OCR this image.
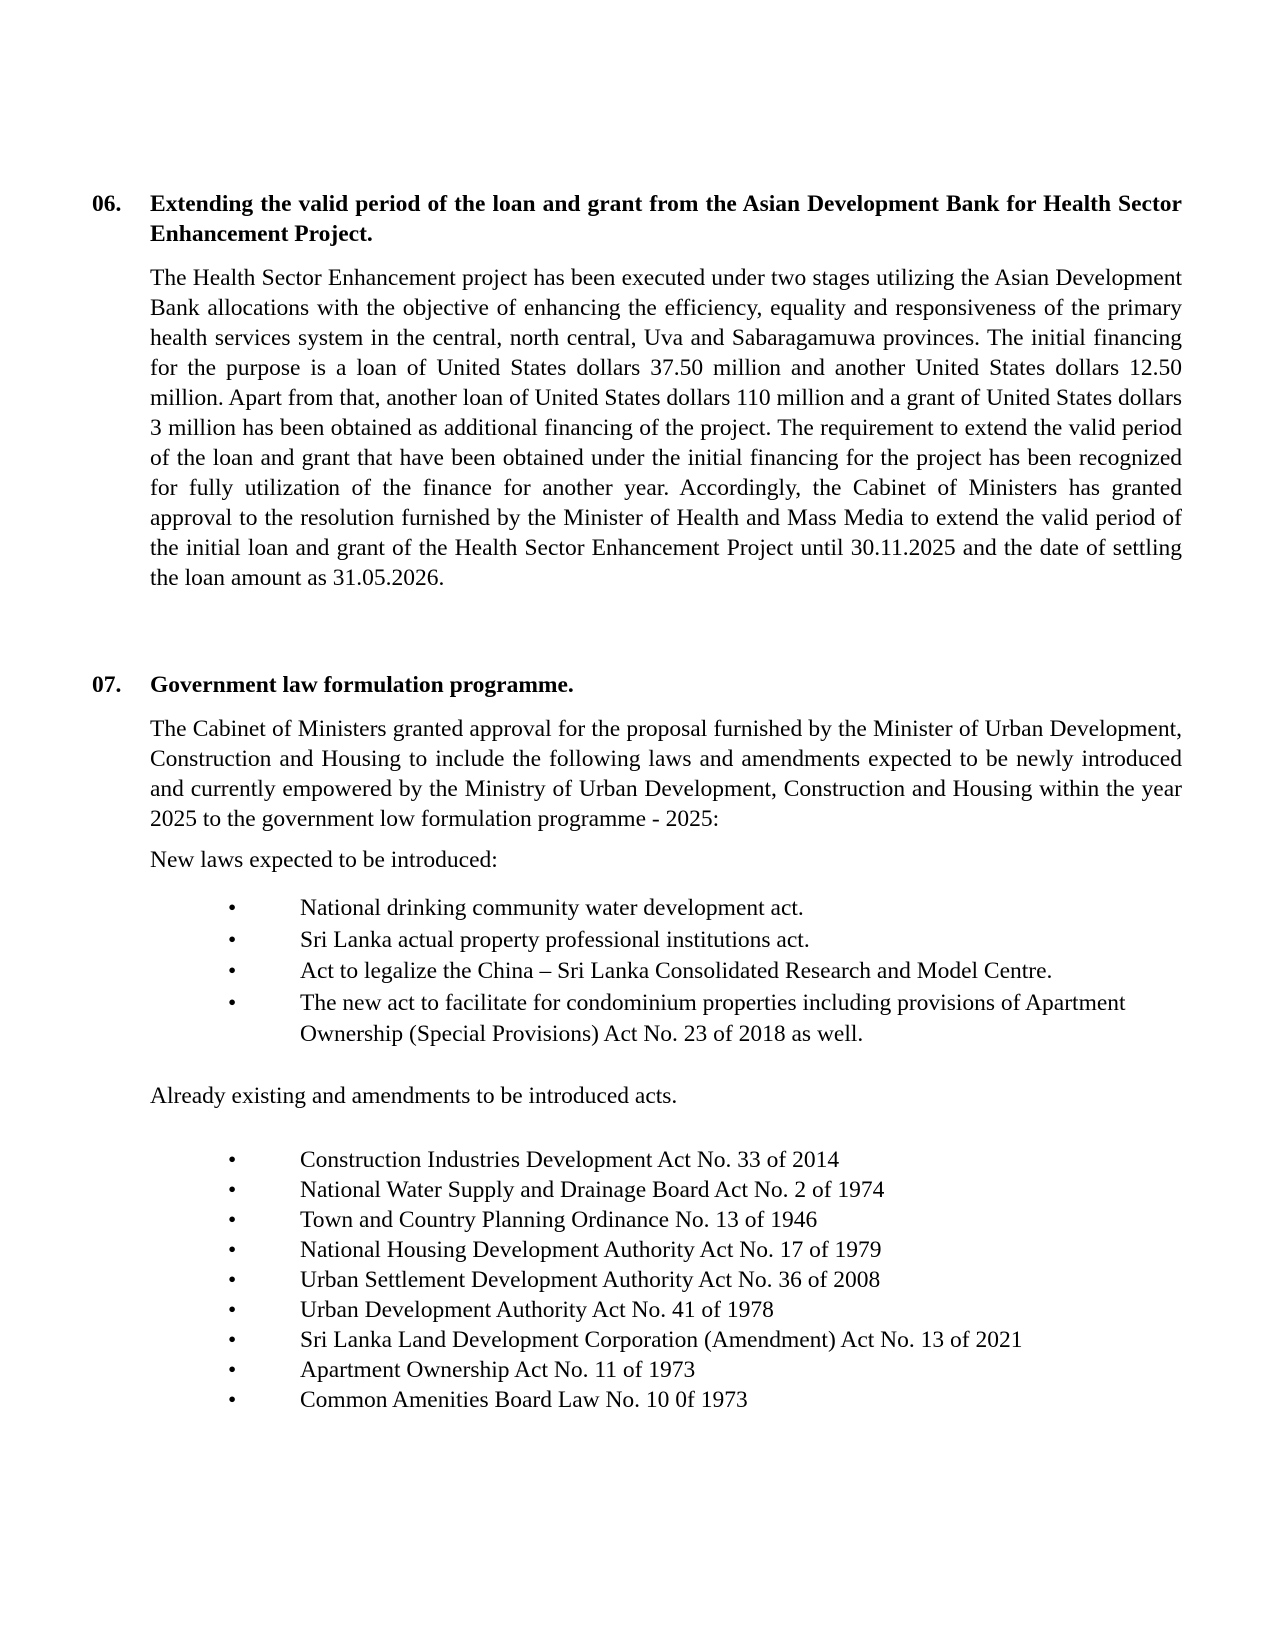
06.	Extending the valid period of the loan and grant from the Asian Development Bank for Health Sector Enhancement Project.

The Health Sector Enhancement project has been executed under two stages utilizing the Asian Development Bank allocations with the objective of enhancing the efficiency, equality and responsiveness of the primary health services system in the central, north central, Uva and Sabaragamuwa provinces. The initial financing for the purpose is a loan of United States dollars 37.50 million and another United States dollars 12.50 million. Apart from that, another loan of United States dollars 110 million and a grant of United States dollars 3 million has been obtained as additional financing of the project. The requirement to extend the valid period of the loan and grant that have been obtained under the initial financing for the project has been recognized for fully utilization of the finance for another year. Accordingly, the Cabinet of Ministers has granted approval to the resolution furnished by the Minister of Health and Mass Media to extend the valid period of the initial loan and grant of the Health Sector Enhancement Project until 30.11.2025 and the date of settling the loan amount as 31.05.2026.

07.	Government law formulation programme.

The Cabinet of Ministers granted approval for the proposal furnished by the Minister of Urban Development, Construction and Housing to include the following laws and amendments expected to be newly introduced and currently empowered by the Ministry of Urban Development, Construction and Housing within the year 2025 to the government low formulation programme - 2025:

New laws expected to be introduced:

•	National drinking community water development act.
•	Sri Lanka actual property professional institutions act.
•	Act to legalize the China – Sri Lanka Consolidated Research and Model Centre.
•	The new act to facilitate for condominium properties including provisions of Apartment Ownership (Special Provisions) Act No. 23 of 2018 as well.

Already existing and amendments to be introduced acts.

•	Construction Industries Development Act No. 33 of 2014
•	National Water Supply and Drainage Board Act No. 2 of 1974
•	Town and Country Planning Ordinance No. 13 of 1946
•	National Housing Development Authority Act No. 17 of 1979
•	Urban Settlement Development Authority Act No. 36 of 2008
•	Urban Development Authority Act No. 41 of 1978
•	Sri Lanka Land Development Corporation (Amendment) Act No. 13 of 2021
•	Apartment Ownership Act No. 11 of 1973
•	Common Amenities Board Law No. 10 0f 1973
